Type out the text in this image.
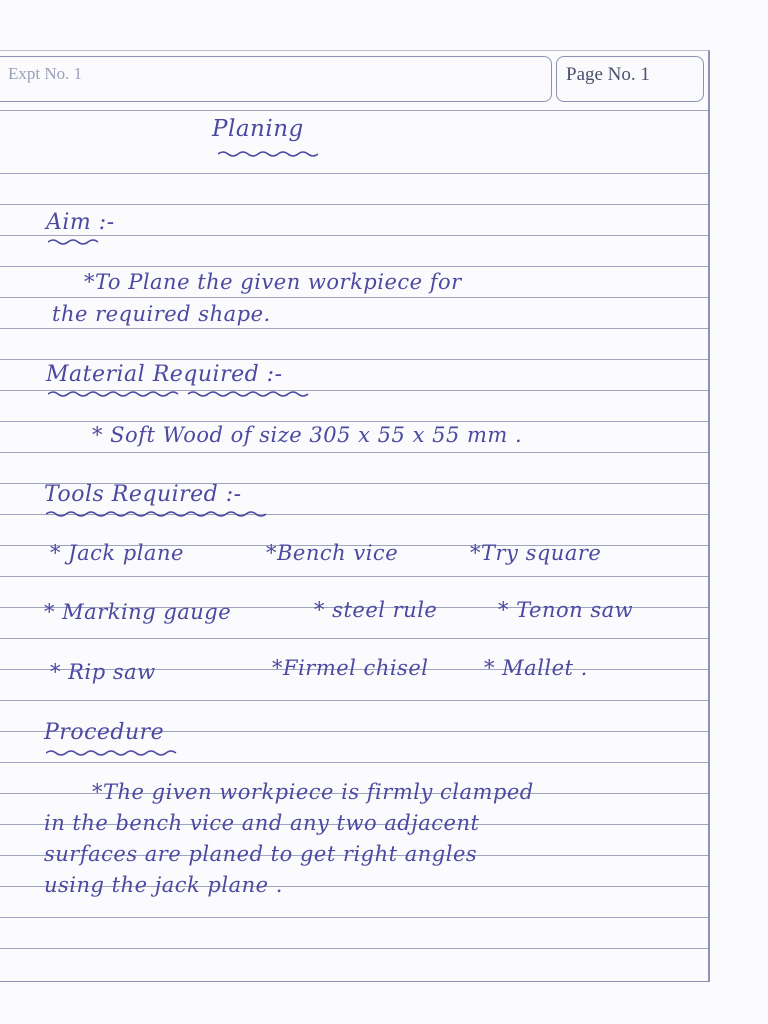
Expt No. 1	Page No. 1
Planing
Aim :-
*To Plane the given workpiece for
the required shape.
Material Required :-
* Soft Wood of size 305 x 55 x 55 mm .
Tools Required :-
* Jack plane	*Bench vice	*Try square
* Marking gauge	* steel rule	* Tenon saw
* Rip saw	*Firmel chisel	* Mallet .
Procedure
*The given workpiece is firmly clamped
in the bench vice and any two adjacent
surfaces are planed to get right angles
using the jack plane .
